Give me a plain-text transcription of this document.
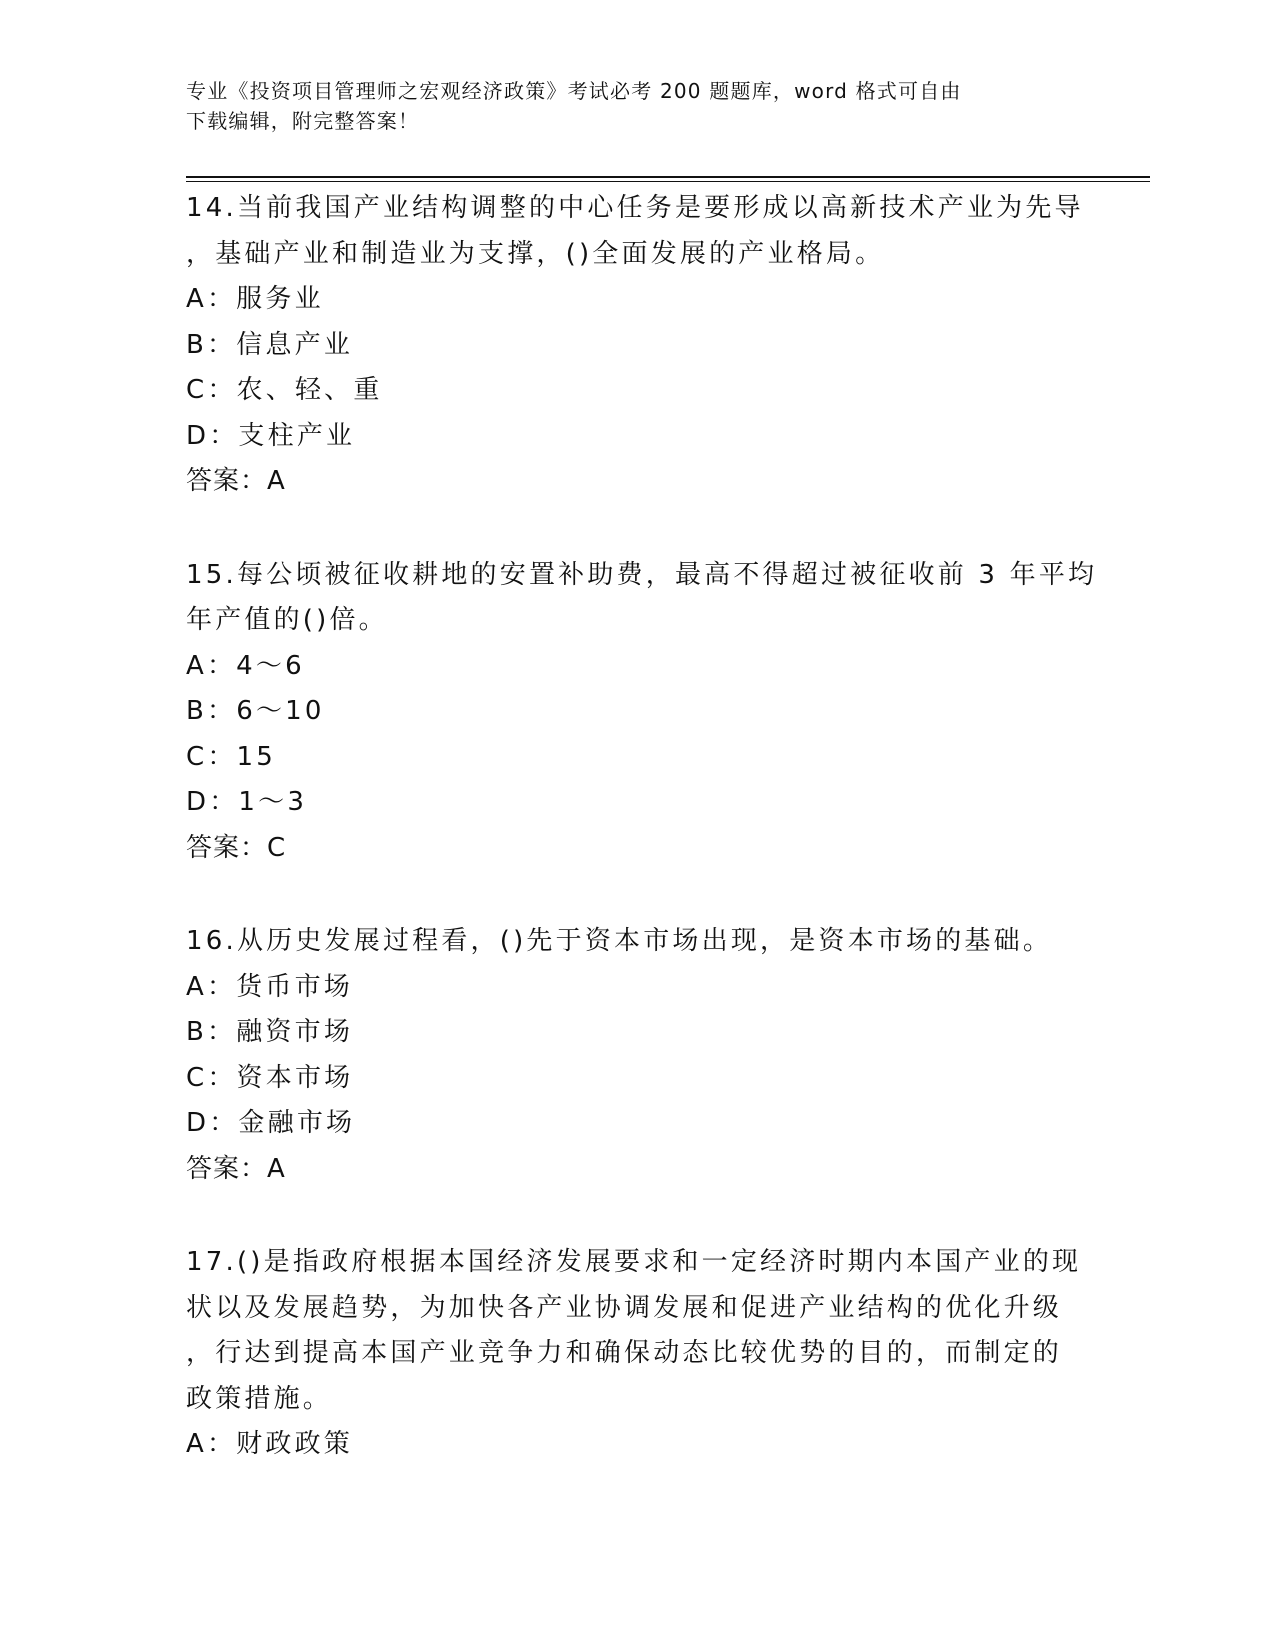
专业《投资项目管理师之宏观经济政策》考试必考 200 题题库，word 格式可自由
下载编辑，附完整答案！
14.当前我国产业结构调整的中心任务是要形成以高新技术产业为先导
，基础产业和制造业为支撑，()全面发展的产业格局。
A：服务业
B：信息产业
C：农、轻、重
D：支柱产业
答案：A
15.每公顷被征收耕地的安置补助费，最高不得超过被征收前 3 年平均
年产值的()倍。
A：4～6
B：6～10
C：15
D：1～3
答案：C
16.从历史发展过程看，()先于资本市场出现，是资本市场的基础。
A：货币市场
B：融资市场
C：资本市场
D：金融市场
答案：A
17.()是指政府根据本国经济发展要求和一定经济时期内本国产业的现
状以及发展趋势，为加快各产业协调发展和促进产业结构的优化升级
，行达到提高本国产业竞争力和确保动态比较优势的目的，而制定的
政策措施。
A：财政政策
